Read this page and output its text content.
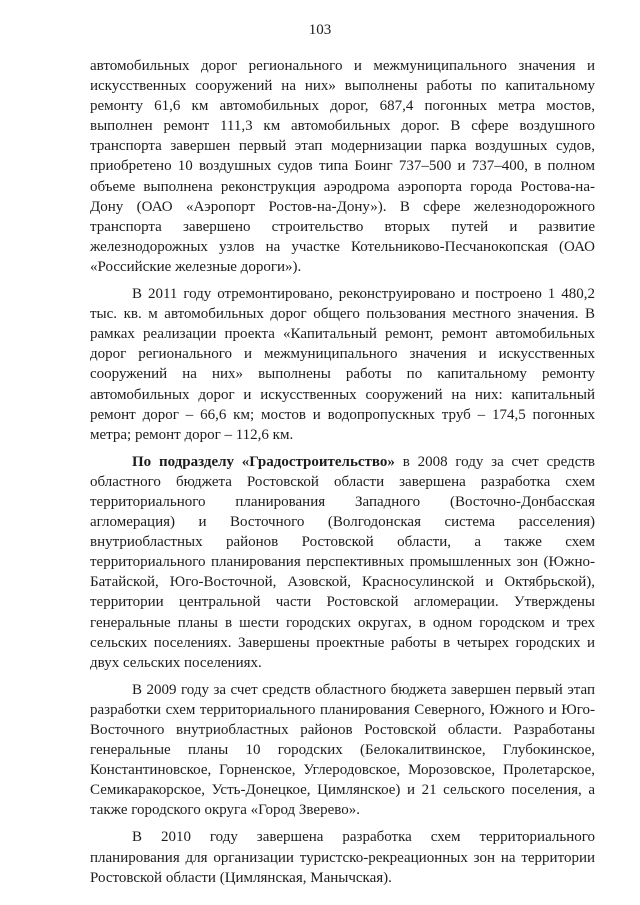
103

автомобильных дорог регионального и межмуниципального значения и искусственных сооружений на них» выполнены работы по капитальному ремонту 61,6 км автомобильных дорог, 687,4 погонных метра мостов, выполнен ремонт 111,3 км автомобильных дорог. В сфере воздушного транспорта завершен первый этап модернизации парка воздушных судов, приобретено 10 воздушных судов типа Боинг 737–500 и 737–400, в полном объеме выполнена реконструкция аэродрома аэропорта города Ростова-на-Дону (ОАО «Аэропорт Ростов-на-Дону»). В сфере железнодорожного транспорта завершено строительство вторых путей и развитие железнодорожных узлов на участке Котельниково-Песчанокопская (ОАО «Российские железные дороги»).

В 2011 году отремонтировано, реконструировано и построено 1 480,2 тыс. кв. м автомобильных дорог общего пользования местного значения. В рамках реализации проекта «Капитальный ремонт, ремонт автомобильных дорог регионального и межмуниципального значения и искусственных сооружений на них» выполнены работы по капитальному ремонту автомобильных дорог и искусственных сооружений на них: капитальный ремонт дорог – 66,6 км; мостов и водопропускных труб – 174,5 погонных метра; ремонт дорог – 112,6 км.

По подразделу «Градостроительство» в 2008 году за счет средств областного бюджета Ростовской области завершена разработка схем территориального планирования Западного (Восточно-Донбасская агломерация) и Восточного (Волгодонская система расселения) внутриобластных районов Ростовской области, а также схем территориального планирования перспективных промышленных зон (Южно-Батайской, Юго-Восточной, Азовской, Красносулинской и Октябрьской), территории центральной части Ростовской агломерации. Утверждены генеральные планы в шести городских округах, в одном городском и трех сельских поселениях. Завершены проектные работы в четырех городских и двух сельских поселениях.

В 2009 году за счет средств областного бюджета завершен первый этап разработки схем территориального планирования Северного, Южного и Юго-Восточного внутриобластных районов Ростовской области. Разработаны генеральные планы 10 городских (Белокалитвинское, Глубокинское, Константиновское, Горненское, Углеродовское, Морозовское, Пролетарское, Семикаракорское, Усть-Донецкое, Цимлянское) и 21 сельского поселения, а также городского округа «Город Зверево».

В 2010 году завершена разработка схем территориального планирования для организации туристско-рекреационных зон на территории Ростовской области (Цимлянская, Манычская).
